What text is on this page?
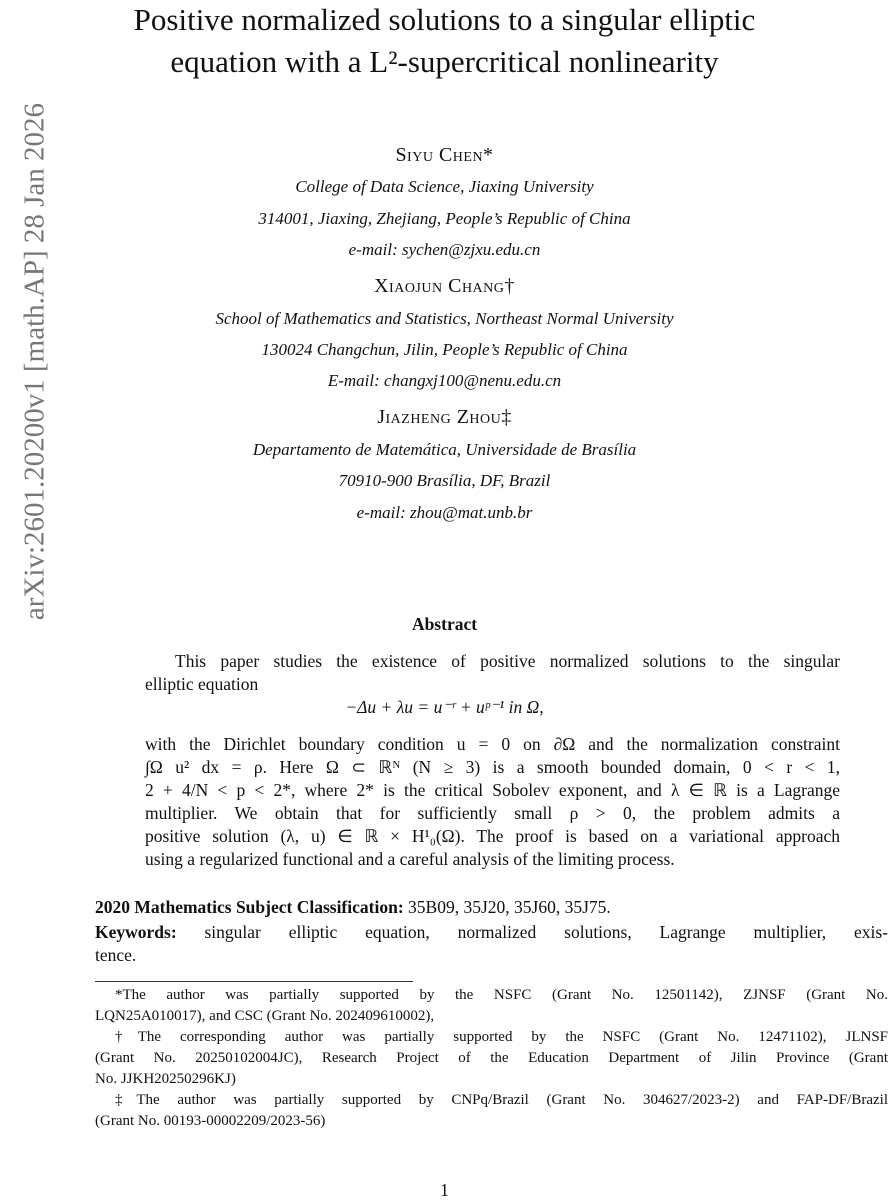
arXiv:2601.20200v1 [math.AP] 28 Jan 2026
Positive normalized solutions to a singular elliptic
equation with a L²-supercritical nonlinearity
Siyu Chen*
College of Data Science, Jiaxing University
314001, Jiaxing, Zhejiang, People’s Republic of China
e-mail: sychen@zjxu.edu.cn
Xiaojun Chang†
School of Mathematics and Statistics, Northeast Normal University
130024 Changchun, Jilin, People’s Republic of China
E-mail: changxj100@nenu.edu.cn
Jiazheng Zhou‡
Departamento de Matemática, Universidade de Brasília
70910-900 Brasília, DF, Brazil
e-mail: zhou@mat.unb.br
Abstract
This paper studies the existence of positive normalized solutions to the singular
elliptic equation
−Δu + λu = u⁻ʳ + uᵖ⁻¹ in Ω,
with the Dirichlet boundary condition u = 0 on ∂Ω and the normalization constraint
∫Ω u² dx = ρ. Here Ω ⊂ ℝᴺ (N ≥ 3) is a smooth bounded domain, 0 < r < 1,
2 + 4/N < p < 2*, where 2* is the critical Sobolev exponent, and λ ∈ ℝ is a Lagrange
multiplier. We obtain that for sufficiently small ρ > 0, the problem admits a
positive solution (λ, u) ∈ ℝ × H¹₀(Ω). The proof is based on a variational approach
using a regularized functional and a careful analysis of the limiting process.
2020 Mathematics Subject Classification: 35B09, 35J20, 35J60, 35J75.
Keywords: singular elliptic equation, normalized solutions, Lagrange multiplier, exis-
tence.
*The author was partially supported by the NSFC (Grant No. 12501142), ZJNSF (Grant No.
LQN25A010017), and CSC (Grant No. 202409610002),
†The corresponding author was partially supported by the NSFC (Grant No. 12471102), JLNSF
(Grant No. 20250102004JC), Research Project of the Education Department of Jilin Province (Grant
No. JJKH20250296KJ)
‡The author was partially supported by CNPq/Brazil (Grant No. 304627/2023-2) and FAP-DF/Brazil
(Grant No. 00193-00002209/2023-56)
1
